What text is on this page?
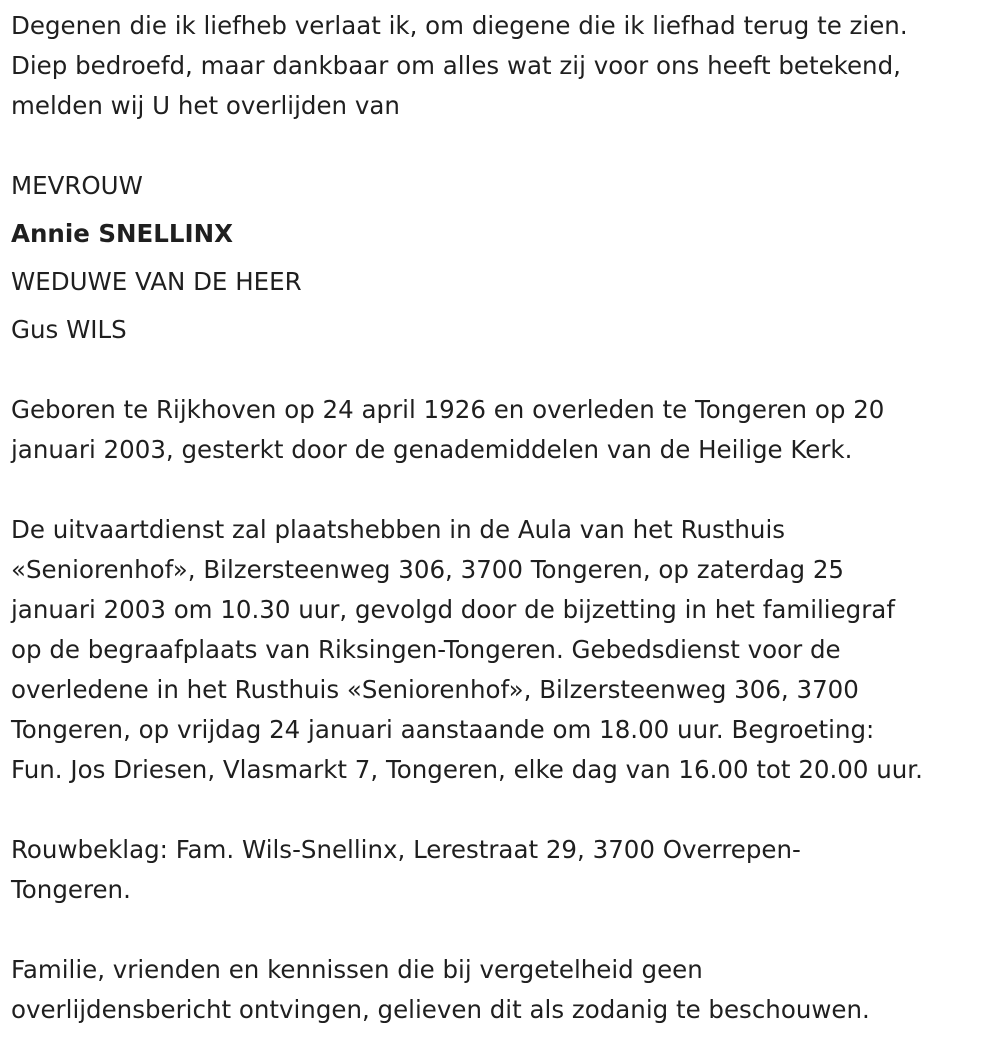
Degenen die ik liefheb verlaat ik, om diegene die ik liefhad terug te zien.
Diep bedroefd, maar dankbaar om alles wat zij voor ons heeft betekend,
melden wij U het overlijden van

MEVROUW

Annie SNELLINX

WEDUWE VAN DE HEER

Gus WILS

Geboren te Rijkhoven op 24 april 1926 en overleden te Tongeren op 20
januari 2003, gesterkt door de genademiddelen van de Heilige Kerk.

De uitvaartdienst zal plaatshebben in de Aula van het Rusthuis
«Seniorenhof», Bilzersteenweg 306, 3700 Tongeren, op zaterdag 25
januari 2003 om 10.30 uur, gevolgd door de bijzetting in het familiegraf
op de begraafplaats van Riksingen-Tongeren. Gebedsdienst voor de
overledene in het Rusthuis «Seniorenhof», Bilzersteenweg 306, 3700
Tongeren, op vrijdag 24 januari aanstaande om 18.00 uur. Begroeting:
Fun. Jos Driesen, Vlasmarkt 7, Tongeren, elke dag van 16.00 tot 20.00 uur.

Rouwbeklag: Fam. Wils-Snellinx, Lerestraat 29, 3700 Overrepen-
Tongeren.

Familie, vrienden en kennissen die bij vergetelheid geen
overlijdensbericht ontvingen, gelieven dit als zodanig te beschouwen.
